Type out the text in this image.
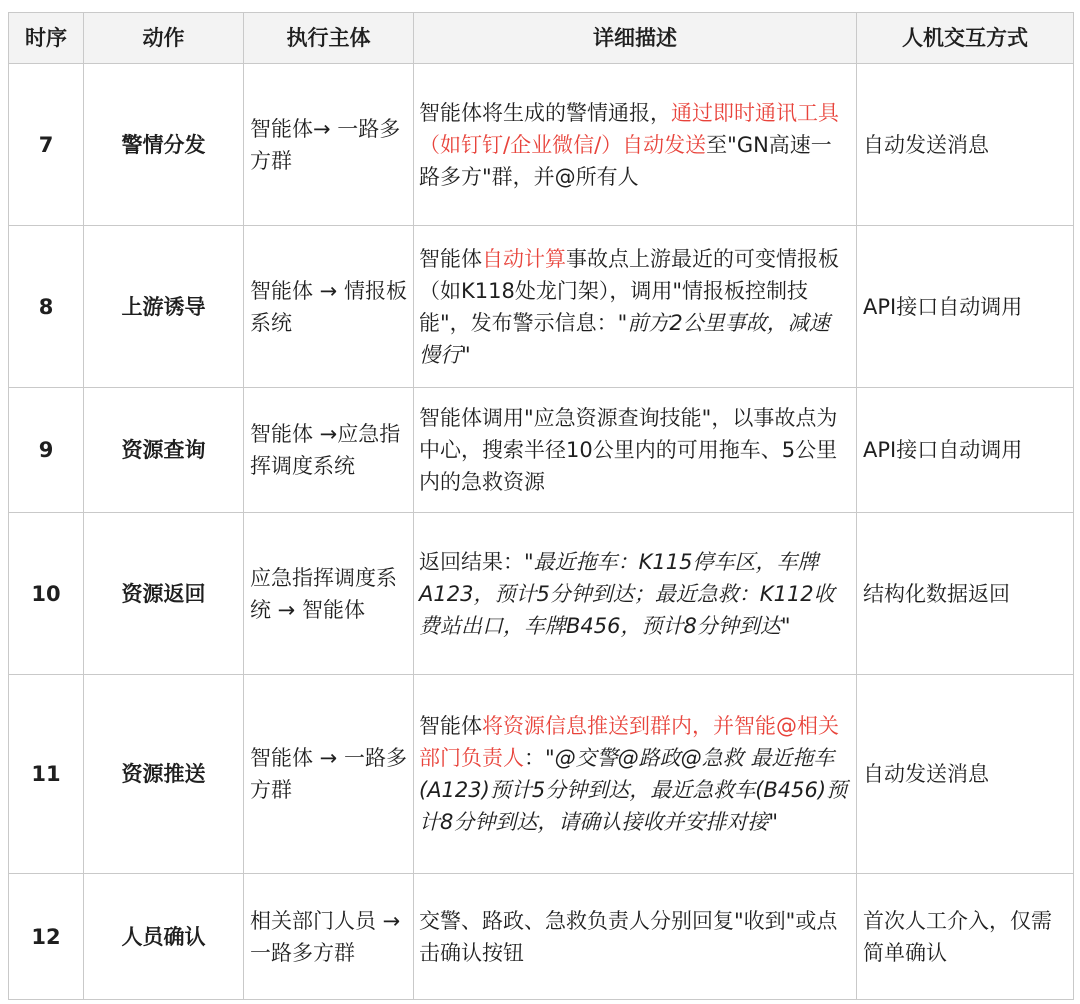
时序	动作	执行主体	详细描述	人机交互方式
7	警情分发	智能体→ 一路多方群	智能体将生成的警情通报，通过即时通讯工具（如钉钉/企业微信/）自动发送至"GN高速一路多方"群，并@所有人	自动发送消息
8	上游诱导	智能体 → 情报板系统	智能体自动计算事故点上游最近的可变情报板（如K118处龙门架），调用"情报板控制技能"，发布警示信息："前方2公里事故，减速慢行"	API接口自动调用
9	资源查询	智能体 →应急指挥调度系统	智能体调用"应急资源查询技能"，以事故点为中心，搜索半径10公里内的可用拖车、5公里内的急救资源	API接口自动调用
10	资源返回	应急指挥调度系统 → 智能体	返回结果："最近拖车：K115停车区，车牌A123，预计5分钟到达；最近急救：K112收费站出口，车牌B456，预计8分钟到达"	结构化数据返回
11	资源推送	智能体 → 一路多方群	智能体将资源信息推送到群内，并智能@相关部门负责人："@交警@路政@急救 最近拖车(A123)预计5分钟到达，最近急救车(B456)预计8分钟到达，请确认接收并安排对接"	自动发送消息
12	人员确认	相关部门人员 → 一路多方群	交警、路政、急救负责人分别回复"收到"或点击确认按钮	首次人工介入，仅需简单确认
